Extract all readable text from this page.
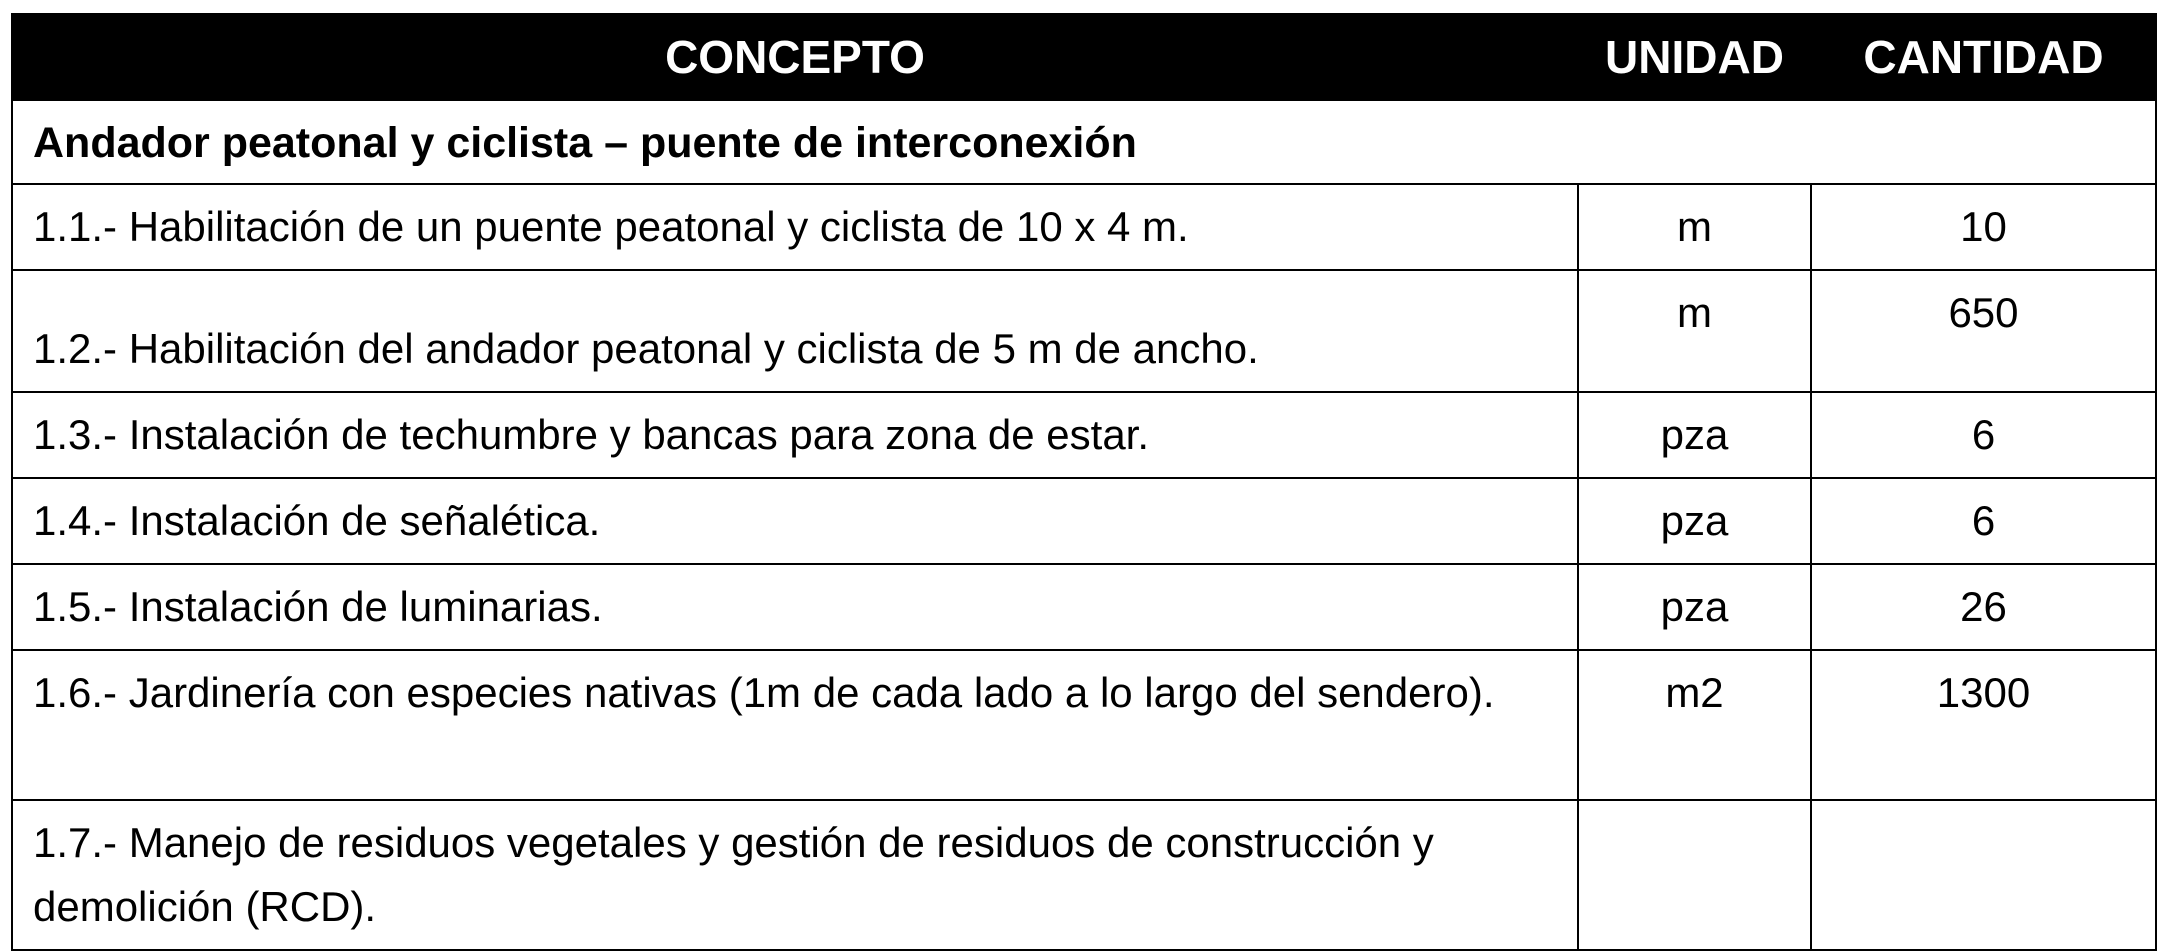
CONCEPTO	UNIDAD	CANTIDAD
Andador peatonal y ciclista – puente de interconexión		
1.1.- Habilitación de un puente peatonal y ciclista de 10 x 4 m.	m	10
1.2.- Habilitación del andador peatonal y ciclista de 5 m de ancho.	m	650
1.3.- Instalación de techumbre y bancas para zona de estar.	pza	6
1.4.- Instalación de señalética.	pza	6
1.5.- Instalación de luminarias.	pza	26
1.6.- Jardinería con especies nativas (1m de cada lado a lo largo del sendero).	m2	1300
1.7.- Manejo de residuos vegetales y gestión de residuos de construcción y demolición (RCD).		
